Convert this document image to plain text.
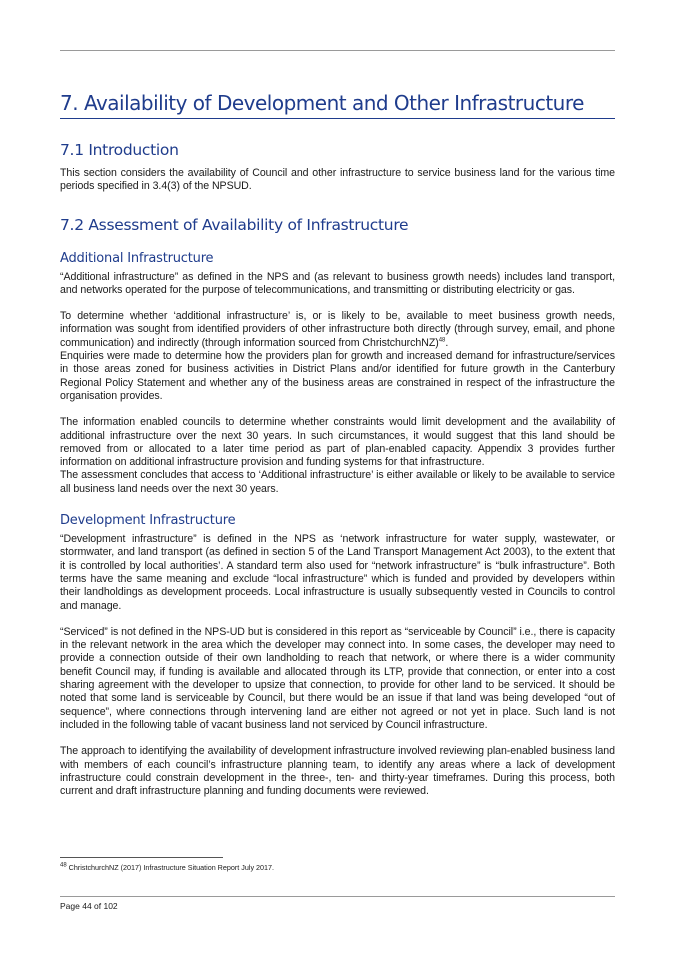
7. Availability of Development and Other Infrastructure
7.1 Introduction

This section considers the availability of Council and other infrastructure to service business land for the various time periods specified in 3.4(3) of the NPSUD.

7.2 Assessment of Availability of Infrastructure
Additional Infrastructure

“Additional infrastructure” as defined in the NPS and (as relevant to business growth needs) includes land transport, and networks operated for the purpose of telecommunications, and transmitting or distributing electricity or gas.

To determine whether ‘additional infrastructure’ is, or is likely to be, available to meet business growth needs, information was sought from identified providers of other infrastructure both directly (through survey, email, and phone communication) and indirectly (through information sourced from ChristchurchNZ)$^{48}$.

Enquiries were made to determine how the providers plan for growth and increased demand for infrastructure/services in those areas zoned for business activities in District Plans and/or identified for future growth in the Canterbury Regional Policy Statement and whether any of the business areas are constrained in respect of the infrastructure the organisation provides.

The information enabled councils to determine whether constraints would limit development and the availability of additional infrastructure over the next 30 years. In such circumstances, it would suggest that this land should be removed from or allocated to a later time period as part of plan-enabled capacity. Appendix 3 provides further information on additional infrastructure provision and funding systems for that infrastructure.

The assessment concludes that access to ‘Additional infrastructure’ is either available or likely to be available to service all business land needs over the next 30 years.

Development Infrastructure

“Development infrastructure” is defined in the NPS as ‘network infrastructure for water supply, wastewater, or stormwater, and land transport (as defined in section 5 of the Land Transport Management Act 2003), to the extent that it is controlled by local authorities’. A standard term also used for “network infrastructure” is “bulk infrastructure”. Both terms have the same meaning and exclude “local infrastructure” which is funded and provided by developers within their landholdings as development proceeds. Local infrastructure is usually subsequently vested in Councils to control and manage.

“Serviced” is not defined in the NPS-UD but is considered in this report as “serviceable by Council” i.e., there is capacity in the relevant network in the area which the developer may connect into. In some cases, the developer may need to provide a connection outside of their own landholding to reach that network, or where there is a wider community benefit Council may, if funding is available and allocated through its LTP, provide that connection, or enter into a cost sharing agreement with the developer to upsize that connection, to provide for other land to be serviced. It should be noted that some land is serviceable by Council, but there would be an issue if that land was being developed “out of sequence”, where connections through intervening land are either not agreed or not yet in place. Such land is not included in the following table of vacant business land not serviced by Council infrastructure.

The approach to identifying the availability of development infrastructure involved reviewing plan-enabled business land with members of each council’s infrastructure planning team, to identify any areas where a lack of development infrastructure could constrain development in the three-, ten- and thirty-year timeframes. During this process, both current and draft infrastructure planning and funding documents were reviewed.

$^{48}$ ChristchurchNZ (2017) Infrastructure Situation Report July 2017.
Page 44 of 102
